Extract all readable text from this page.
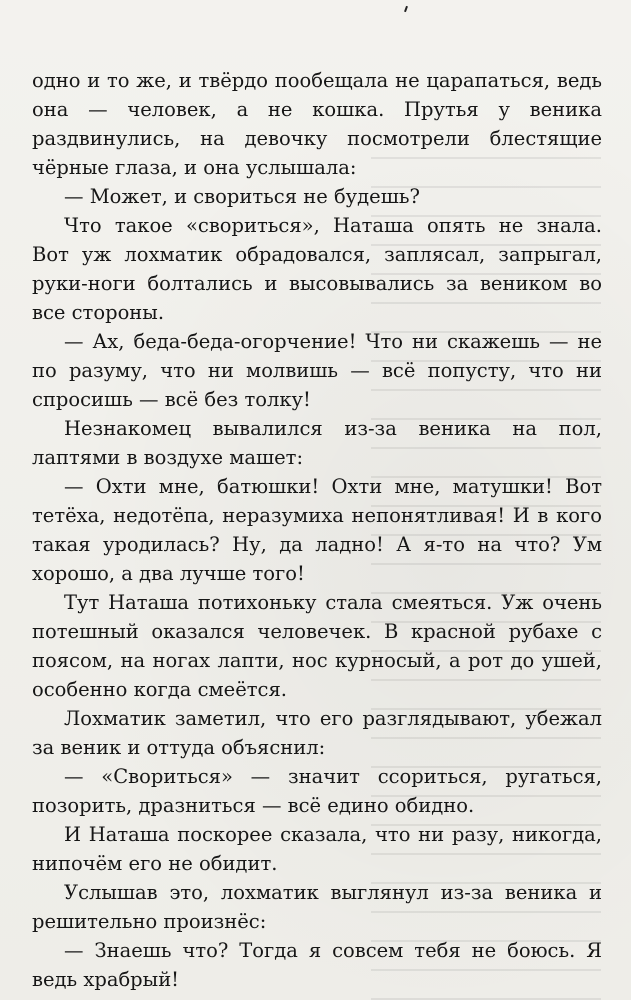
одно и то же, и твёрдо пообещала не царапаться, ведь она — человек, а не кошка. Прутья у веника раздвинулись, на девочку посмотрели блестящие чёрные глаза, и она услышала:

— Может, и свориться не будешь?

Что такое «свориться», Наташа опять не знала. Вот уж лохматик обрадовался, заплясал, запрыгал, руки-ноги болтались и высовывались за веником во все стороны.

— Ах, беда-беда-огорчение! Что ни скажешь — не по разуму, что ни молвишь — всё попусту, что ни спросишь — всё без толку!

Незнакомец вывалился из-за веника на пол, лаптями в воздухе машет:

— Охти мне, батюшки! Охти мне, матушки! Вот тетёха, недотёпа, неразумиха непонятливая! И в кого такая уродилась? Ну, да ладно! А я-то на что? Ум хорошо, а два лучше того!

Тут Наташа потихоньку стала смеяться. Уж очень потешный оказался человечек. В красной рубахе с поясом, на ногах лапти, нос курносый, а рот до ушей, особенно когда смеётся.

Лохматик заметил, что его разглядывают, убежал за веник и оттуда объяснил:

— «Свориться» — значит ссориться, ругаться, позорить, дразниться — всё едино обидно.

И Наташа поскорее сказала, что ни разу, никогда, нипочём его не обидит.

Услышав это, лохматик выглянул из-за веника и решительно произнёс:

— Знаешь что? Тогда я совсем тебя не боюсь. Я ведь храбрый!
